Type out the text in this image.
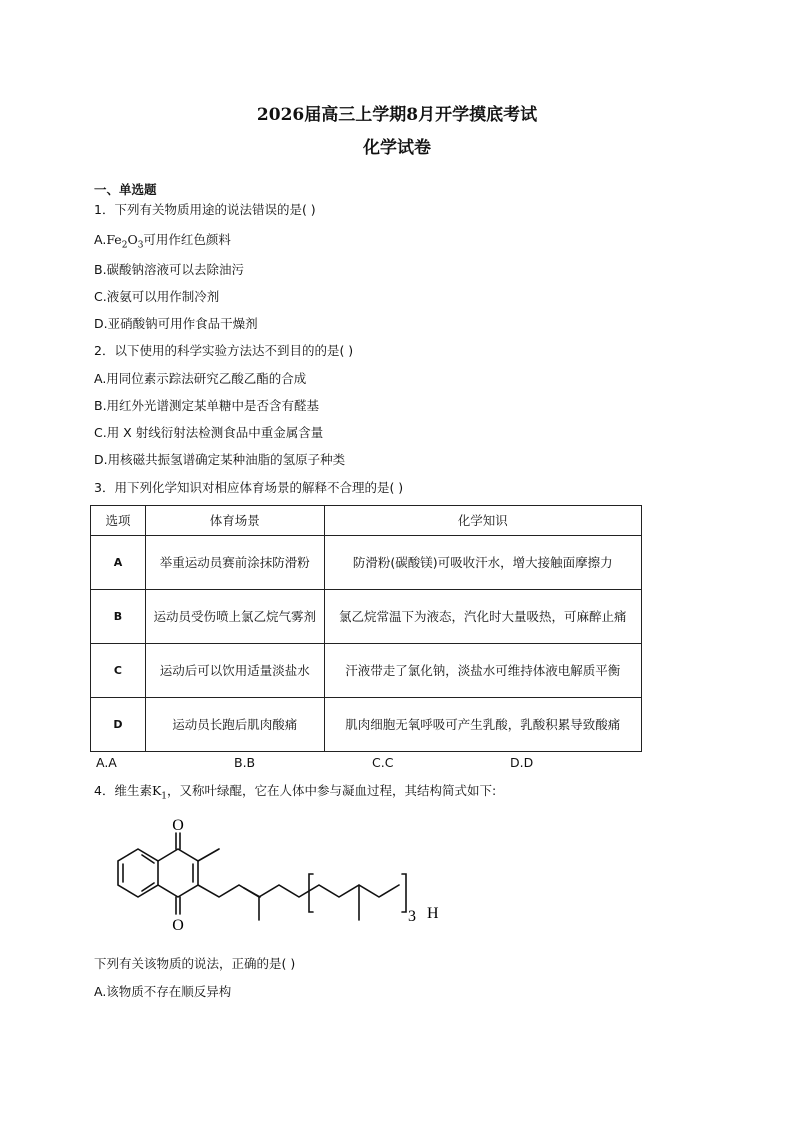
2026届高三上学期8月开学摸底考试
化学试卷
一、单选题
1．下列有关物质用途的说法错误的是( )
$A.Fe_2O_3$可用作红色颜料
B.碳酸钠溶液可以去除油污
C.液氨可以用作制冷剂
D.亚硝酸钠可用作食品干燥剂
2．以下使用的科学实验方法达不到目的的是( )
A.用同位素示踪法研究乙酸乙酯的合成
B.用红外光谱测定某单糖中是否含有醛基
C.用 X 射线衍射法检测食品中重金属含量
D.用核磁共振氢谱确定某种油脂的氢原子种类
3．用下列化学知识对相应体育场景的解释不合理的是( )
选项	体育场景	化学知识
A	举重运动员赛前涂抹防滑粉	防滑粉(碳酸镁)可吸收汗水，增大接触面摩擦力
B	运动员受伤喷上氯乙烷气雾剂	氯乙烷常温下为液态，汽化时大量吸热，可麻醉止痛
C	运动后可以饮用适量淡盐水	汗液带走了氯化钠，淡盐水可维持体液电解质平衡
D	运动员长跑后肌肉酸痛	肌肉细胞无氧呼吸可产生乳酸，乳酸积累导致酸痛
A.A	B.B	C.C	D.D
4．维生素$K_1$，又称叶绿醌，它在人体中参与凝血过程，其结构简式如下:
O
O
3 H
下列有关该物质的说法，正确的是( )
A.该物质不存在顺反异构
